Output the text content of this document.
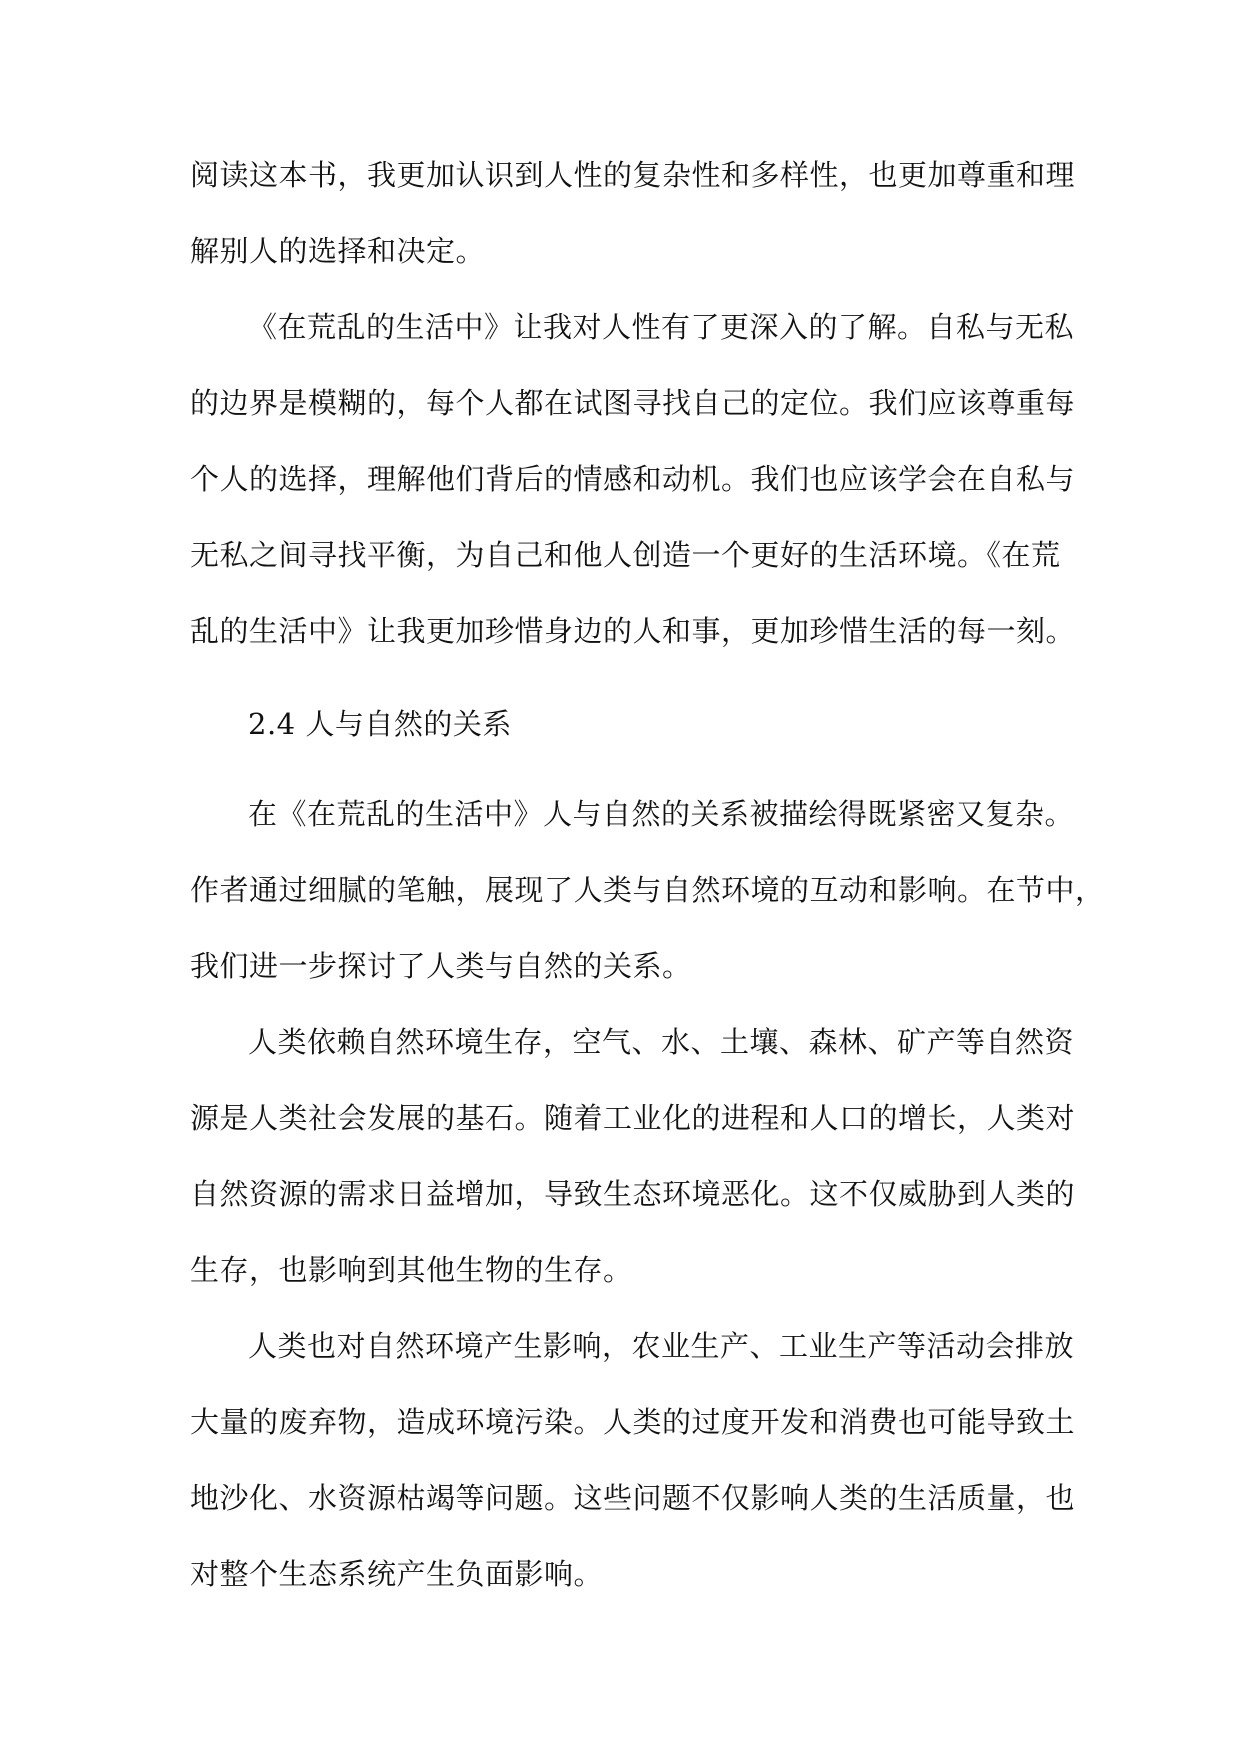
阅读这本书，我更加认识到人性的复杂性和多样性，也更加尊重和理
解别人的选择和决定。
《在荒乱的生活中》让我对人性有了更深入的了解。自私与无私
的边界是模糊的，每个人都在试图寻找自己的定位。我们应该尊重每
个人的选择，理解他们背后的情感和动机。我们也应该学会在自私与
无私之间寻找平衡，为自己和他人创造一个更好的生活环境。《在荒
乱的生活中》让我更加珍惜身边的人和事，更加珍惜生活的每一刻。
2.4 人与自然的关系
在《在荒乱的生活中》人与自然的关系被描绘得既紧密又复杂。
作者通过细腻的笔触，展现了人类与自然环境的互动和影响。在节中，
我们进一步探讨了人类与自然的关系。
人类依赖自然环境生存，空气、水、土壤、森林、矿产等自然资
源是人类社会发展的基石。随着工业化的进程和人口的增长，人类对
自然资源的需求日益增加，导致生态环境恶化。这不仅威胁到人类的
生存，也影响到其他生物的生存。
人类也对自然环境产生影响，农业生产、工业生产等活动会排放
大量的废弃物，造成环境污染。人类的过度开发和消费也可能导致土
地沙化、水资源枯竭等问题。这些问题不仅影响人类的生活质量，也
对整个生态系统产生负面影响。
